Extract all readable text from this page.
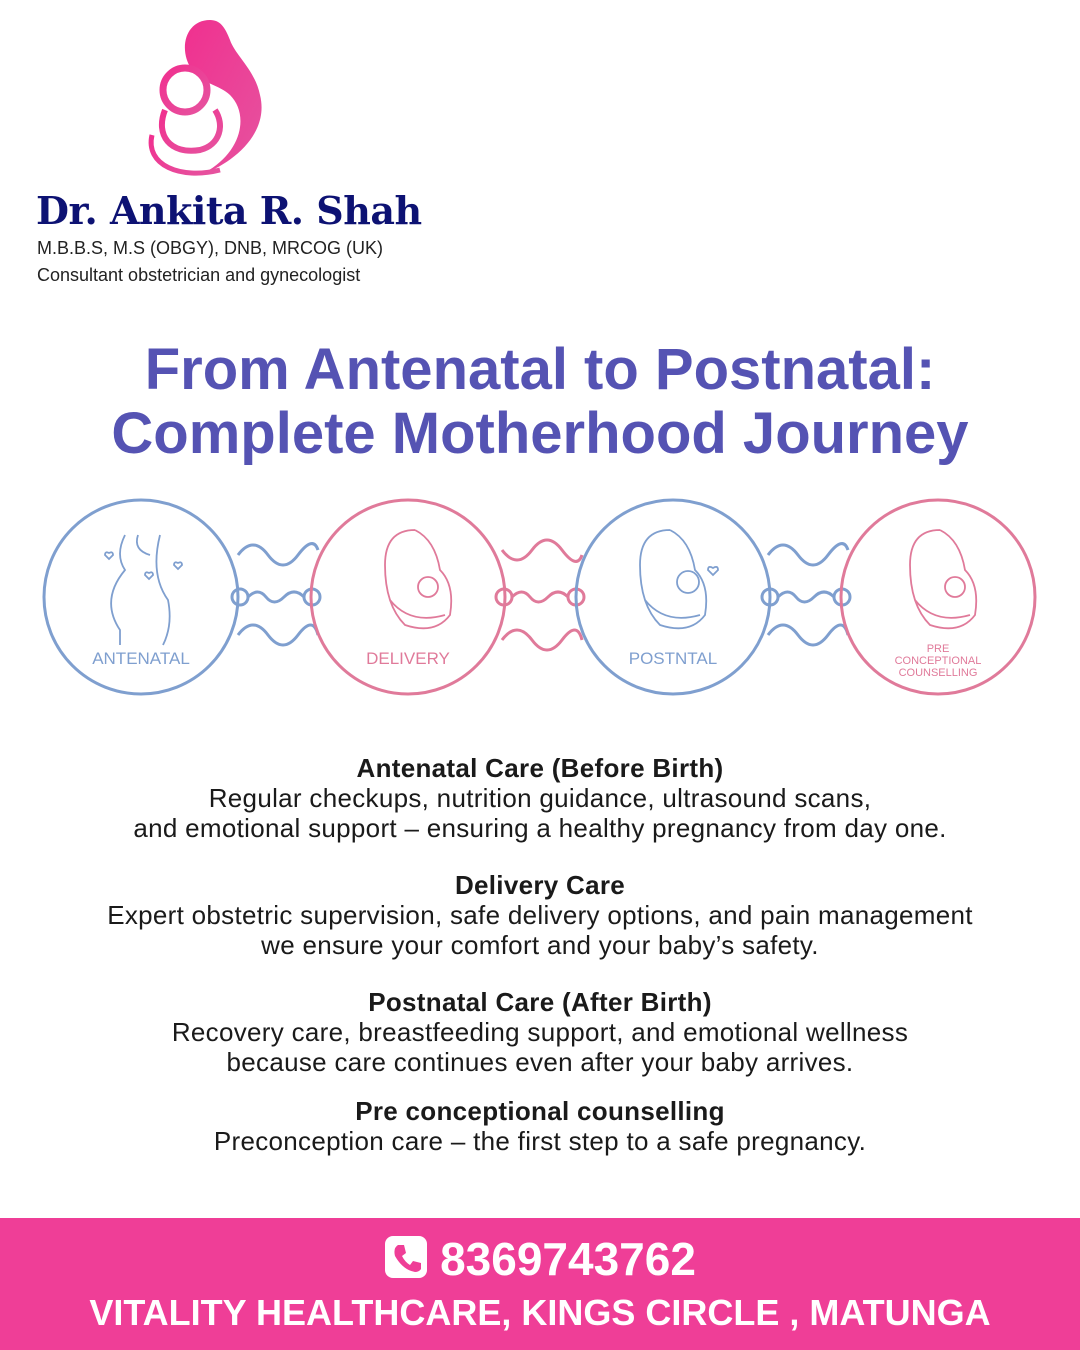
Dr. Ankita R. Shah
M.B.B.S, M.S (OBGY), DNB, MRCOG (UK)
Consultant obstetrician and gynecologist
From Antenatal to Postnatal:
Complete Motherhood Journey
ANTENATAL	DELIVERY	POSTNTAL	PRE
CONCEPTIONAL
COUNSELLING
Antenatal Care (Before Birth)
Regular checkups, nutrition guidance, ultrasound scans,
and emotional support – ensuring a healthy pregnancy from day one.
Delivery Care
Expert obstetric supervision, safe delivery options, and pain management
we ensure your comfort and your baby’s safety.
Postnatal Care (After Birth)
Recovery care, breastfeeding support, and emotional wellness
because care continues even after your baby arrives.
Pre conceptional counselling
Preconception care – the first step to a safe pregnancy.
8369743762
VITALITY HEALTHCARE, KINGS CIRCLE , MATUNGA
